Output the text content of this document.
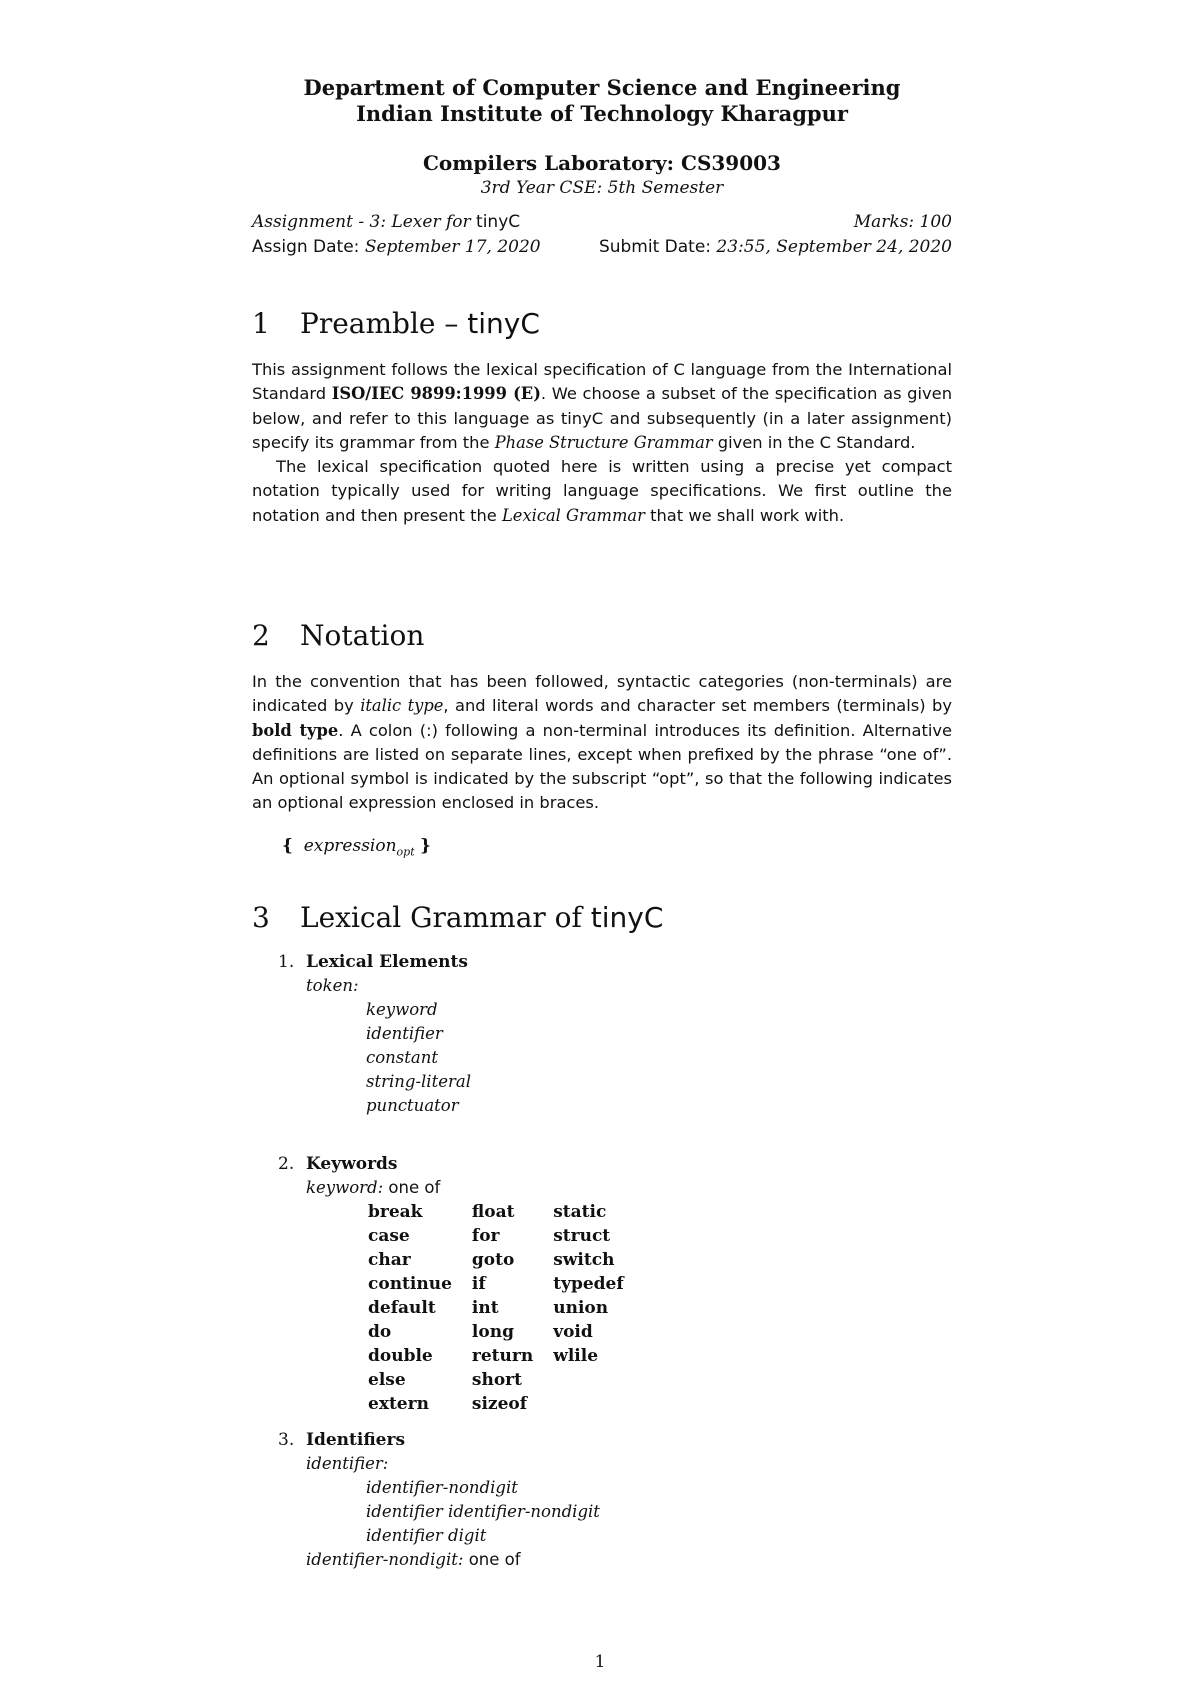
Department of Computer Science and Engineering
Indian Institute of Technology Kharagpur
Compilers Laboratory: CS39003
3rd Year CSE: 5th Semester
Assignment - 3: Lexer for tinyC	Marks: 100
Assign Date: September 17, 2020	Submit Date: 23:55, September 24, 2020
1 Preamble – tinyC

This assignment follows the lexical specification of C language from the International Standard ISO/IEC 9899:1999 (E). We choose a subset of the specification as given below, and refer to this language as tinyC and subsequently (in a later assignment) specify its grammar from the Phase Structure Grammar given in the C Standard.

The lexical specification quoted here is written using a precise yet compact notation typically used for writing language specifications. We first outline the notation and then present the Lexical Grammar that we shall work with.

2 Notation

In the convention that has been followed, syntactic categories (non-terminals) are indicated by italic type, and literal words and character set members (terminals) by bold type. A colon (:) following a non-terminal introduces its definition. Alternative definitions are listed on separate lines, except when prefixed by the phrase “one of”. An optional symbol is indicated by the subscript “opt”, so that the following indicates an optional expression enclosed in braces.

{ expression$_{opt}$ }
3 Lexical Grammar of tinyC
1. Lexical Elements
token:
keyword
identifier
constant
string-literal
punctuator
2. Keywords
keyword: one of
break	float	static
case	for	struct
char	goto	switch
continue	if	typedef
default	int	union
do	long	void
double	return	wlile
else	short	
extern	sizeof	
3. Identifiers
identifier:
identifier-nondigit
identifier identifier-nondigit
identifier digit
identifier-nondigit: one of
1
